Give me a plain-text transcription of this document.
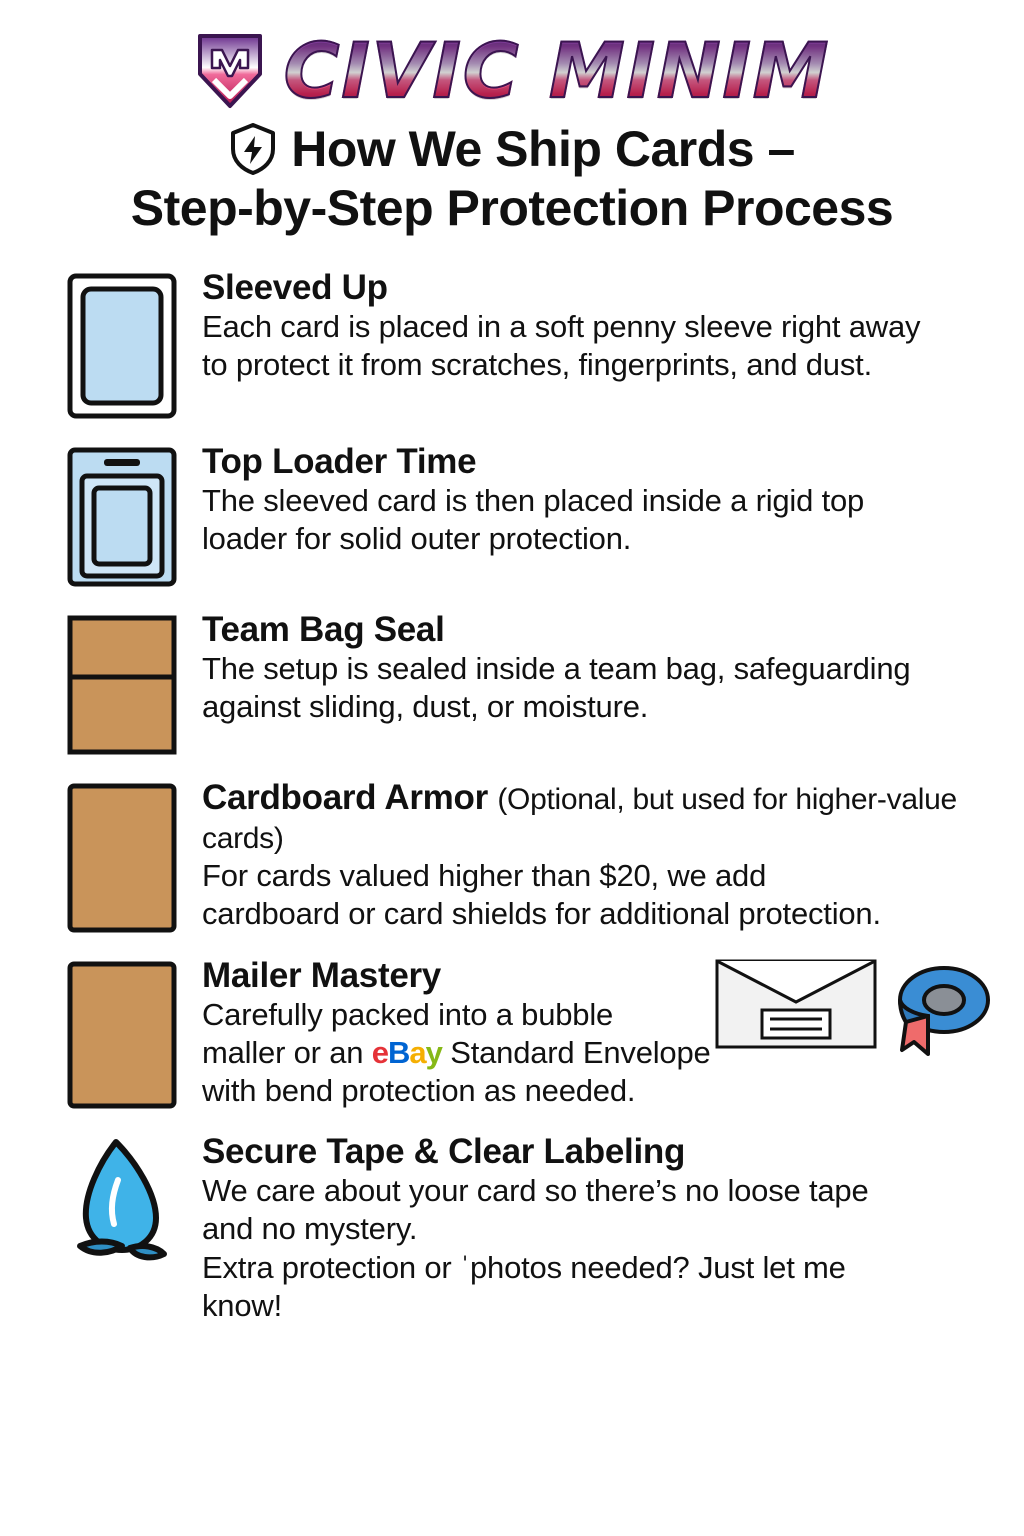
CIVIC MINIM
How We Ship Cards –
Step-by-Step Protection Process
Sleeved Up
Each card is placed in a soft penny sleeve right away
to protect it from scratches, fingerprints, and dust.
Top Loader Time
The sleeved card is then placed inside a rigid top
loader for solid outer protection.
Team Bag Seal
The setup is sealed inside a team bag, safeguarding
against sliding, dust, or moisture.
Cardboard Armor (Optional, but used for higher-value cards)
For cards valued higher than $20, we add
cardboard or card shields for additional protection.
Mailer Mastery
Carefully packed into a bubble
maller or an eBay Standard Envelope
with bend protection as needed.
Secure Tape & Clear Labeling
We care about your card so there’s no loose tape
and no mystery.
Extra protection or ˈphotos needed? Just let me
know!
